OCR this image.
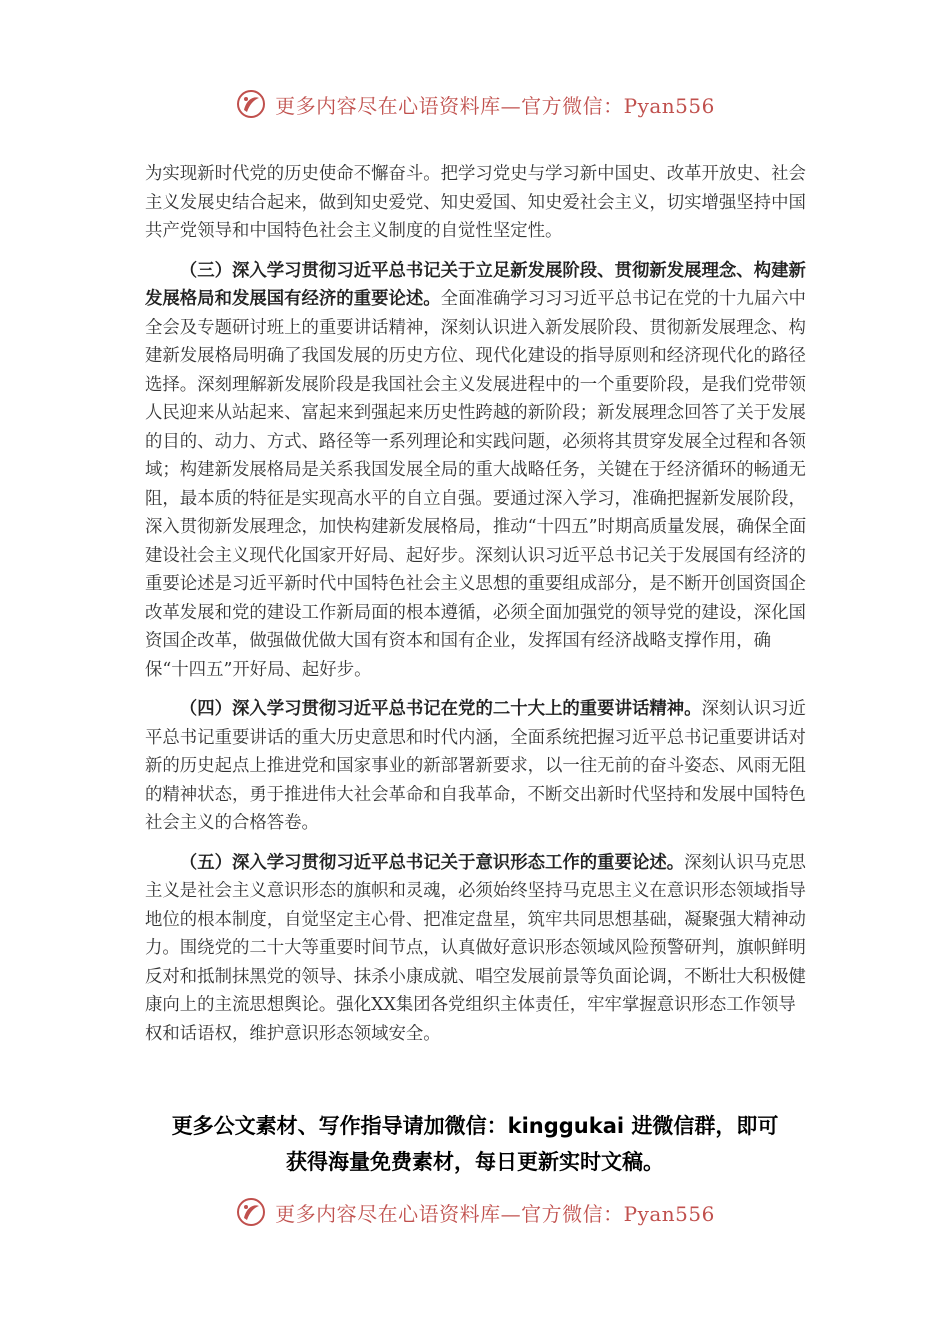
更多内容尽在心语资料库—官方微信：Pyan556

为实现新时代党的历史使命不懈奋斗。把学习党史与学习新中国史、改革开放史、社会主义发展史结合起来，做到知史爱党、知史爱国、知史爱社会主义，切实增强坚持中国共产党领导和中国特色社会主义制度的自觉性坚定性。

（三）深入学习贯彻习近平总书记关于立足新发展阶段、贯彻新发展理念、构建新发展格局和发展国有经济的重要论述。全面准确学习习习近平总书记在党的十九届六中全会及专题研讨班上的重要讲话精神，深刻认识进入新发展阶段、贯彻新发展理念、构建新发展格局明确了我国发展的历史方位、现代化建设的指导原则和经济现代化的路径选择。深刻理解新发展阶段是我国社会主义发展进程中的一个重要阶段，是我们党带领人民迎来从站起来、富起来到强起来历史性跨越的新阶段；新发展理念回答了关于发展的目的、动力、方式、路径等一系列理论和实践问题，必须将其贯穿发展全过程和各领域；构建新发展格局是关系我国发展全局的重大战略任务，关键在于经济循环的畅通无阻，最本质的特征是实现高水平的自立自强。要通过深入学习，准确把握新发展阶段，深入贯彻新发展理念，加快构建新发展格局，推动“十四五”时期高质量发展，确保全面建设社会主义现代化国家开好局、起好步。深刻认识习近平总书记关于发展国有经济的重要论述是习近平新时代中国特色社会主义思想的重要组成部分，是不断开创国资国企改革发展和党的建设工作新局面的根本遵循，必须全面加强党的领导党的建设，深化国资国企改革，做强做优做大国有资本和国有企业，发挥国有经济战略支撑作用，确保“十四五”开好局、起好步。

（四）深入学习贯彻习近平总书记在党的二十大上的重要讲话精神。深刻认识习近平总书记重要讲话的重大历史意思和时代内涵，全面系统把握习近平总书记重要讲话对新的历史起点上推进党和国家事业的新部署新要求，以一往无前的奋斗姿态、风雨无阻的精神状态，勇于推进伟大社会革命和自我革命，不断交出新时代坚持和发展中国特色社会主义的合格答卷。

（五）深入学习贯彻习近平总书记关于意识形态工作的重要论述。深刻认识马克思主义是社会主义意识形态的旗帜和灵魂，必须始终坚持马克思主义在意识形态领域指导地位的根本制度，自觉坚定主心骨、把准定盘星，筑牢共同思想基础，凝聚强大精神动力。围绕党的二十大等重要时间节点，认真做好意识形态领域风险预警研判，旗帜鲜明反对和抵制抹黑党的领导、抹杀小康成就、唱空发展前景等负面论调，不断壮大积极健康向上的主流思想舆论。强化XX集团各党组织主体责任，牢牢掌握意识形态工作领导权和话语权，维护意识形态领域安全。

更多公文素材、写作指导请加微信：kinggukai 进微信群，即可
获得海量免费素材，每日更新实时文稿。
更多内容尽在心语资料库—官方微信：Pyan556
